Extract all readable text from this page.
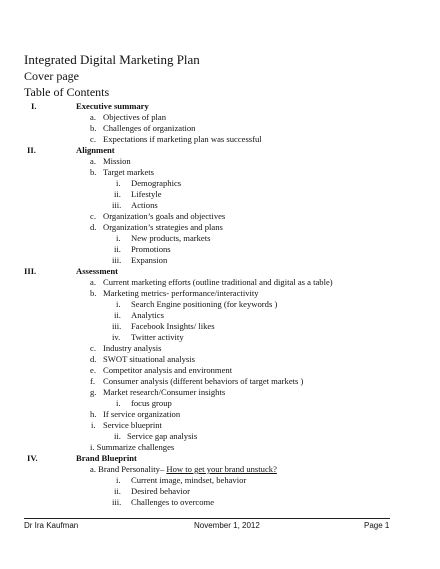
Integrated Digital Marketing Plan
Cover page
Table of Contents
I.	Executive summary
a. Objectives of plan
b. Challenges of organization
c. Expectations if marketing plan was successful
II.	Alignment
a. Mission
b. Target markets
i. Demographics
ii. Lifestyle
iii. Actions
c. Organization’s goals and objectives
d. Organization’s strategies and plans
i. New products, markets
ii. Promotions
iii. Expansion
III.	Assessment
a. Current marketing efforts (outline traditional and digital as a table)
b. Marketing metrics- performance/interactivity
i. Search Engine positioning (for keywords )
ii. Analytics
iii. Facebook Insights/ likes
iv. Twitter activity
c. Industry analysis
d. SWOT situational analysis
e. Competitor analysis and environment
f. Consumer analysis (different behaviors of target markets )
g. Market research/Consumer insights
i. focus group
h. If service organization
i. Service blueprint
ii. Service gap analysis
i. Summarize challenges
IV.	Brand Blueprint
a. Brand Personality– How to get your brand unstuck?
i. Current image, mindset, behavior
ii. Desired behavior
iii. Challenges to overcome
Dr Ira Kaufman	November 1, 2012	Page 1
